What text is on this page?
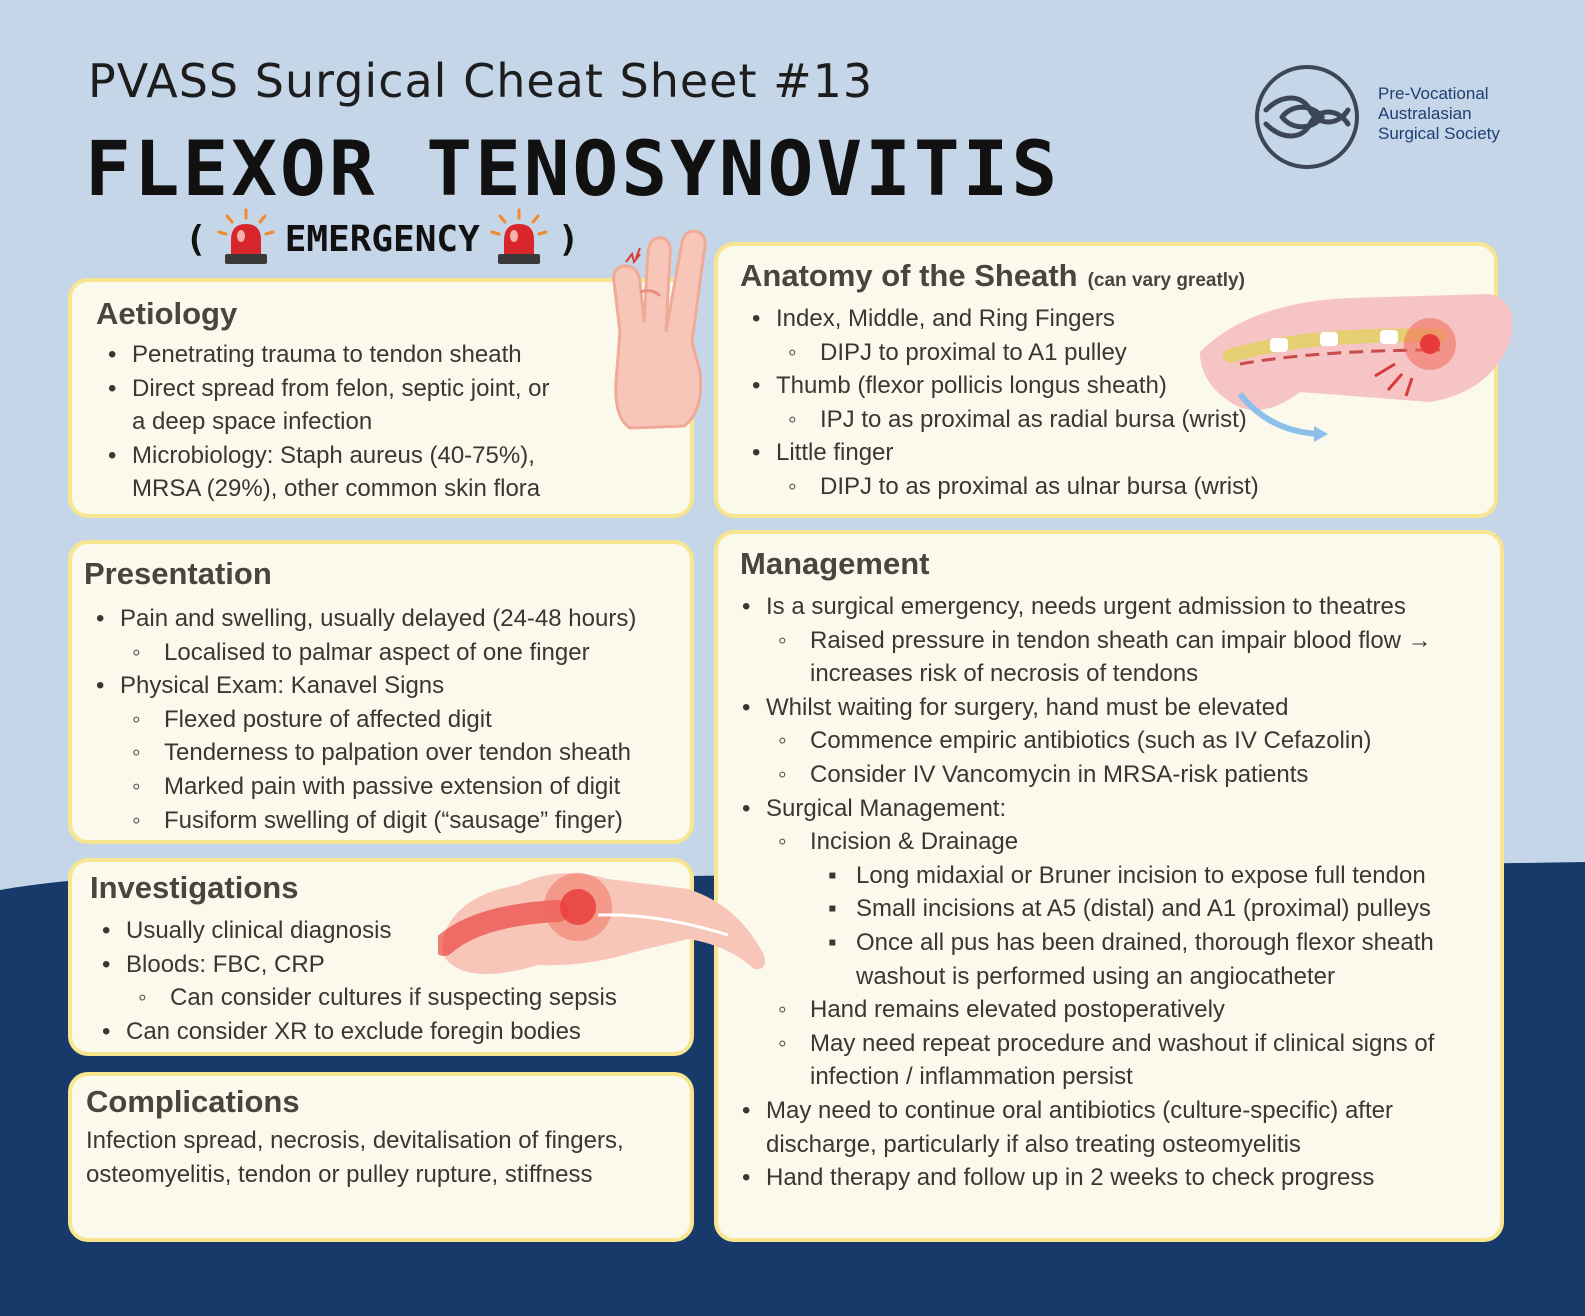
PVASS Surgical Cheat Sheet #13
FLEXOR TENOSYNOVITIS
( EMERGENCY )
Pre-Vocational
Australasian
Surgical Society
Aetiology
• Penetrating trauma to tendon sheath
• Direct spread from felon, septic joint, or a deep space infection
• Microbiology: Staph aureus (40-75%), MRSA (29%), other common skin flora
Anatomy of the Sheath (can vary greatly)
• Index, Middle, and Ring Fingers
◦ DIPJ to proximal to A1 pulley
• Thumb (flexor pollicis longus sheath)
◦ IPJ to as proximal as radial bursa (wrist)
• Little finger
◦ DIPJ to as proximal as ulnar bursa (wrist)
Presentation
• Pain and swelling, usually delayed (24-48 hours)
◦ Localised to palmar aspect of one finger
• Physical Exam: Kanavel Signs
◦ Flexed posture of affected digit
◦ Tenderness to palpation over tendon sheath
◦ Marked pain with passive extension of digit
◦ Fusiform swelling of digit (“sausage” finger)
Investigations
• Usually clinical diagnosis
• Bloods: FBC, CRP
◦ Can consider cultures if suspecting sepsis
• Can consider XR to exclude foregin bodies
Complications
Infection spread, necrosis, devitalisation of fingers, osteomyelitis, tendon or pulley rupture, stiffness
Management
• Is a surgical emergency, needs urgent admission to theatres
◦ Raised pressure in tendon sheath can impair blood flow → increases risk of necrosis of tendons
• Whilst waiting for surgery, hand must be elevated
◦ Commence empiric antibiotics (such as IV Cefazolin)
◦ Consider IV Vancomycin in MRSA-risk patients
• Surgical Management:
◦ Incision & Drainage
▪ Long midaxial or Bruner incision to expose full tendon
▪ Small incisions at A5 (distal) and A1 (proximal) pulleys
▪ Once all pus has been drained, thorough flexor sheath washout is performed using an angiocatheter
◦ Hand remains elevated postoperatively
◦ May need repeat procedure and washout if clinical signs of infection / inflammation persist
• May need to continue oral antibiotics (culture-specific) after discharge, particularly if also treating osteomyelitis
• Hand therapy and follow up in 2 weeks to check progress
